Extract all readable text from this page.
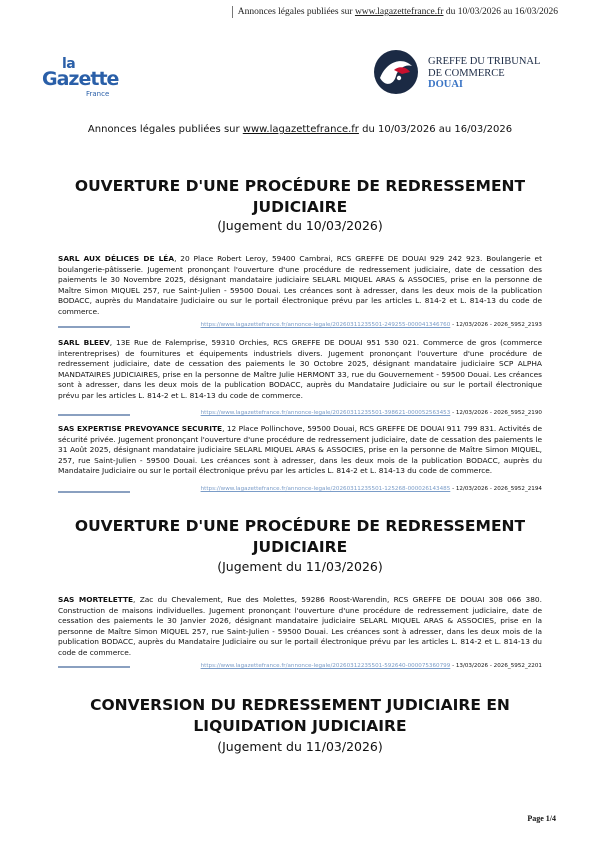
Annonces légales publiées sur www.lagazettefrance.fr du 10/03/2026 au 16/03/2026
la
Gazette
France
GREFFE DU TRIBUNAL
DE COMMERCE
DOUAI
Annonces légales publiées sur www.lagazettefrance.fr du 10/03/2026 au 16/03/2026
OUVERTURE D'UNE PROCÉDURE DE REDRESSEMENT
JUDICIAIRE
(Jugement du 10/03/2026)
SARL AUX DÉLICES DE LÉA, 20 Place Robert Leroy, 59400 Cambrai, RCS GREFFE DE DOUAI 929 242 923. Boulangerie et boulangerie-pâtisserie. Jugement prononçant l'ouverture d'une procédure de redressement judiciaire, date de cessation des paiements le 30 Novembre 2025, désignant mandataire judiciaire SELARL MIQUEL ARAS & ASSOCIES, prise en la personne de Maître Simon MIQUEL 257, rue Saint-Julien - 59500 Douai. Les créances sont à adresser, dans les deux mois de la publication BODACC, auprès du Mandataire Judiciaire ou sur le portail électronique prévu par les articles L. 814-2 et L. 814-13 du code de commerce.
https://www.lagazettefrance.fr/annonce-legale/20260311235501-249255-000041346760 - 12/03/2026 - 2026_5952_2193
SARL BLEEV, 13E Rue de Falemprise, 59310 Orchies, RCS GREFFE DE DOUAI 951 530 021. Commerce de gros (commerce interentreprises) de fournitures et équipements industriels divers. Jugement prononçant l'ouverture d'une procédure de redressement judiciaire, date de cessation des paiements le 30 Octobre 2025, désignant mandataire judiciaire SCP ALPHA MANDATAIRES JUDICIAIRES, prise en la personne de Maître Julie HERMONT 33, rue du Gouvernement - 59500 Douai. Les créances sont à adresser, dans les deux mois de la publication BODACC, auprès du Mandataire Judiciaire ou sur le portail électronique prévu par les articles L. 814-2 et L. 814-13 du code de commerce.
https://www.lagazettefrance.fr/annonce-legale/20260311235501-398621-000052563453 - 12/03/2026 - 2026_5952_2190
SAS EXPERTISE PREVOYANCE SECURITE, 12 Place Pollinchove, 59500 Douai, RCS GREFFE DE DOUAI 911 799 831. Activités de sécurité privée. Jugement prononçant l'ouverture d'une procédure de redressement judiciaire, date de cessation des paiements le 31 Août 2025, désignant mandataire judiciaire SELARL MIQUEL ARAS & ASSOCIES, prise en la personne de Maître Simon MIQUEL, 257, rue Saint-Julien - 59500 Douai. Les créances sont à adresser, dans les deux mois de la publication BODACC, auprès du Mandataire Judiciaire ou sur le portail électronique prévu par les articles L. 814-2 et L. 814-13 du code de commerce.
https://www.lagazettefrance.fr/annonce-legale/20260311235501-125268-000026143485 - 12/03/2026 - 2026_5952_2194
OUVERTURE D'UNE PROCÉDURE DE REDRESSEMENT
JUDICIAIRE
(Jugement du 11/03/2026)
SAS MORTELETTE, Zac du Chevalement, Rue des Molettes, 59286 Roost-Warendin, RCS GREFFE DE DOUAI 308 066 380. Construction de maisons individuelles. Jugement prononçant l'ouverture d'une procédure de redressement judiciaire, date de cessation des paiements le 30 Janvier 2026, désignant mandataire judiciaire SELARL MIQUEL ARAS & ASSOCIES, prise en la personne de Maître Simon MIQUEL 257, rue Saint-Julien - 59500 Douai. Les créances sont à adresser, dans les deux mois de la publication BODACC, auprès du Mandataire Judiciaire ou sur le portail électronique prévu par les articles L. 814-2 et L. 814-13 du code de commerce.
https://www.lagazettefrance.fr/annonce-legale/20260312235501-592640-000075360799 - 13/03/2026 - 2026_5952_2201
CONVERSION DU REDRESSEMENT JUDICIAIRE EN
LIQUIDATION JUDICIAIRE
(Jugement du 11/03/2026)
Page 1/4
